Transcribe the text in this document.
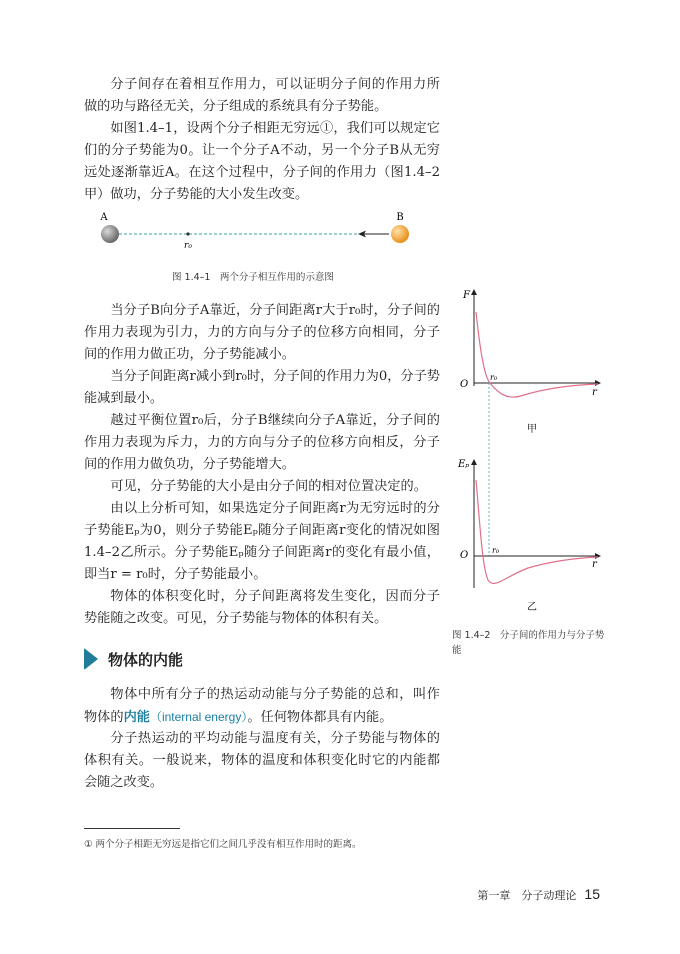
分子间存在着相互作用力，可以证明分子间的作用力所做的功与路径无关，分子组成的系统具有分子势能。

如图1.4–1，设两个分子相距无穷远①，我们可以规定它们的分子势能为0。让一个分子A不动，另一个分子B从无穷远处逐渐靠近A。在这个过程中，分子间的作用力（图1.4–2甲）做功，分子势能的大小发生改变。

A	B
r₀
图 1.4–1　两个分子相互作用的示意图

当分子B向分子A靠近，分子间距离r大于r₀时，分子间的作用力表现为引力，力的方向与分子的位移方向相同，分子间的作用力做正功，分子势能减小。

当分子间距离r减小到r₀时，分子间的作用力为0，分子势能减到最小。

越过平衡位置r₀后，分子B继续向分子A靠近，分子间的作用力表现为斥力，力的方向与分子的位移方向相反，分子间的作用力做负功，分子势能增大。

可见，分子势能的大小是由分子间的相对位置决定的。

由以上分析可知，如果选定分子间距离r为无穷远时的分子势能Eₚ为0，则分子势能Eₚ随分子间距离r变化的情况如图1.4–2乙所示。分子势能Eₚ随分子间距离r的变化有最小值，即当r = r₀时，分子势能最小。

物体的体积变化时，分子间距离将发生变化，因而分子势能随之改变。可见，分子势能与物体的体积有关。

F
O
r
r₀
甲
Eₚ
O
r
r₀
乙
图 1.4–2　分子间的作用力与分子势能
物体的内能

物体中所有分子的热运动动能与分子势能的总和，叫作物体的内能（internal energy）。任何物体都具有内能。

分子热运动的平均动能与温度有关，分子势能与物体的体积有关。一般说来，物体的温度和体积变化时它的内能都会随之改变。

① 两个分子相距无穷远是指它们之间几乎没有相互作用时的距离。
第一章　分子动理论 15
